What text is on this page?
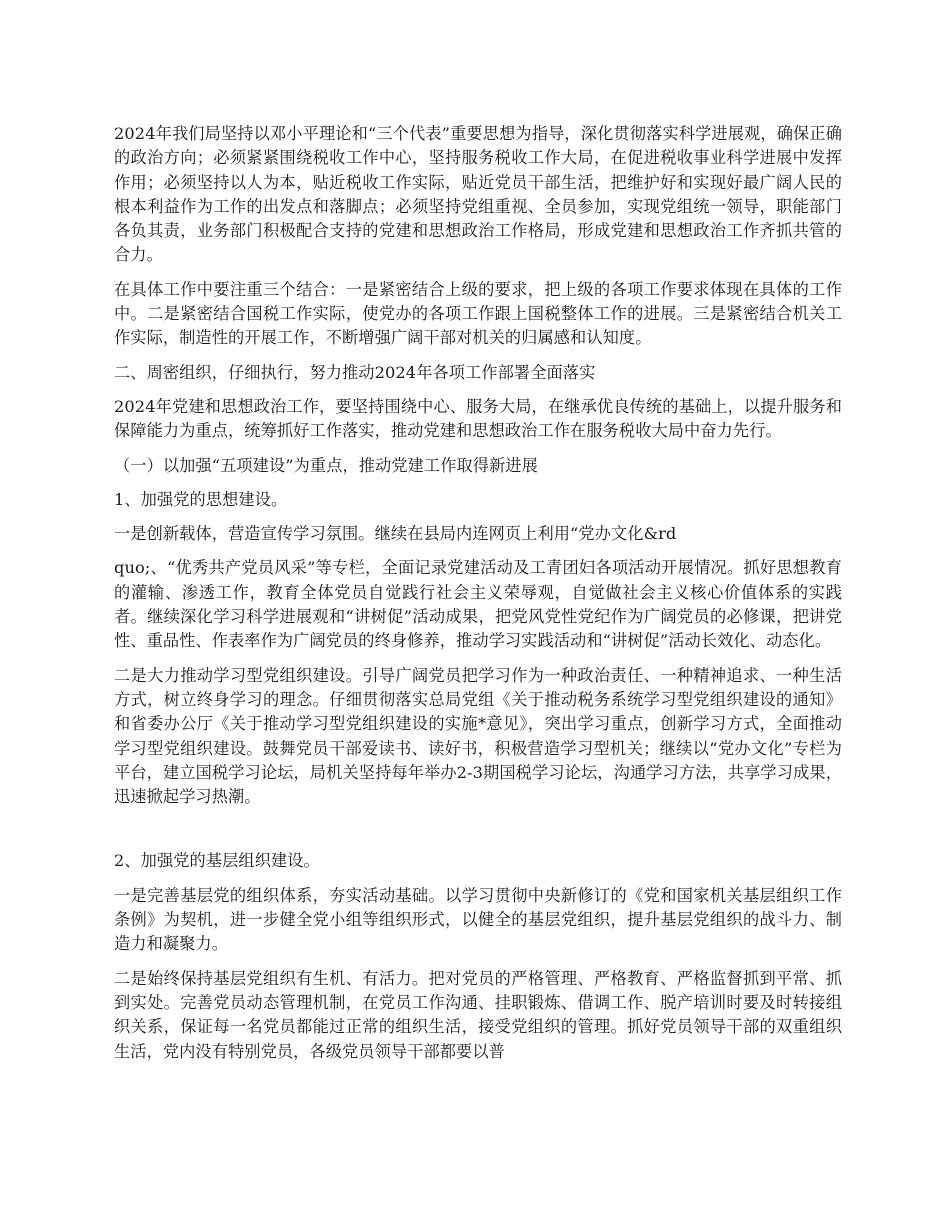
2024年我们局坚持以邓小平理论和“三个代表”重要思想为指导，深化贯彻落实科学进展观，确保正确的政治方向；必须紧紧围绕税收工作中心，坚持服务税收工作大局，在促进税收事业科学进展中发挥作用；必须坚持以人为本，贴近税收工作实际，贴近党员干部生活，把维护好和实现好最广阔人民的根本利益作为工作的出发点和落脚点；必须坚持党组重视、全员参加，实现党组统一领导，职能部门各负其责，业务部门积极配合支持的党建和思想政治工作格局，形成党建和思想政治工作齐抓共管的合力。

在具体工作中要注重三个结合：一是紧密结合上级的要求，把上级的各项工作要求体现在具体的工作中。二是紧密结合国税工作实际，使党办的各项工作跟上国税整体工作的进展。三是紧密结合机关工作实际，制造性的开展工作，不断增强广阔干部对机关的归属感和认知度。

二、周密组织，仔细执行，努力推动2024年各项工作部署全面落实

2024年党建和思想政治工作，要坚持围绕中心、服务大局，在继承优良传统的基础上，以提升服务和保障能力为重点，统筹抓好工作落实，推动党建和思想政治工作在服务税收大局中奋力先行。

（一）以加强“五项建设”为重点，推动党建工作取得新进展

1、加强党的思想建设。

一是创新载体，营造宣传学习氛围。继续在县局内连网页上利用“党办文化&rd

quo;、“优秀共产党员风采”等专栏，全面记录党建活动及工青团妇各项活动开展情况。抓好思想教育的灌输、渗透工作，教育全体党员自觉践行社会主义荣辱观，自觉做社会主义核心价值体系的实践者。继续深化学习科学进展观和“讲树促”活动成果，把党风党性党纪作为广阔党员的必修课，把讲党性、重品性、作表率作为广阔党员的终身修养，推动学习实践活动和“讲树促”活动长效化、动态化。

二是大力推动学习型党组织建设。引导广阔党员把学习作为一种政治责任、一种精神追求、一种生活方式，树立终身学习的理念。仔细贯彻落实总局党组《关于推动税务系统学习型党组织建设的通知》和省委办公厅《关于推动学习型党组织建设的实施*意见》，突出学习重点，创新学习方式，全面推动学习型党组织建设。鼓舞党员干部爱读书、读好书，积极营造学习型机关；继续以“党办文化”专栏为平台，建立国税学习论坛，局机关坚持每年举办2-3期国税学习论坛，沟通学习方法，共享学习成果，迅速掀起学习热潮。

2、加强党的基层组织建设。

一是完善基层党的组织体系，夯实活动基础。以学习贯彻中央新修订的《党和国家机关基层组织工作条例》为契机，进一步健全党小组等组织形式，以健全的基层党组织，提升基层党组织的战斗力、制造力和凝聚力。

二是始终保持基层党组织有生机、有活力。把对党员的严格管理、严格教育、严格监督抓到平常、抓到实处。完善党员动态管理机制，在党员工作沟通、挂职锻炼、借调工作、脱产培训时要及时转接组织关系，保证每一名党员都能过正常的组织生活，接受党组织的管理。抓好党员领导干部的双重组织生活，党内没有特别党员，各级党员领导干部都要以普
